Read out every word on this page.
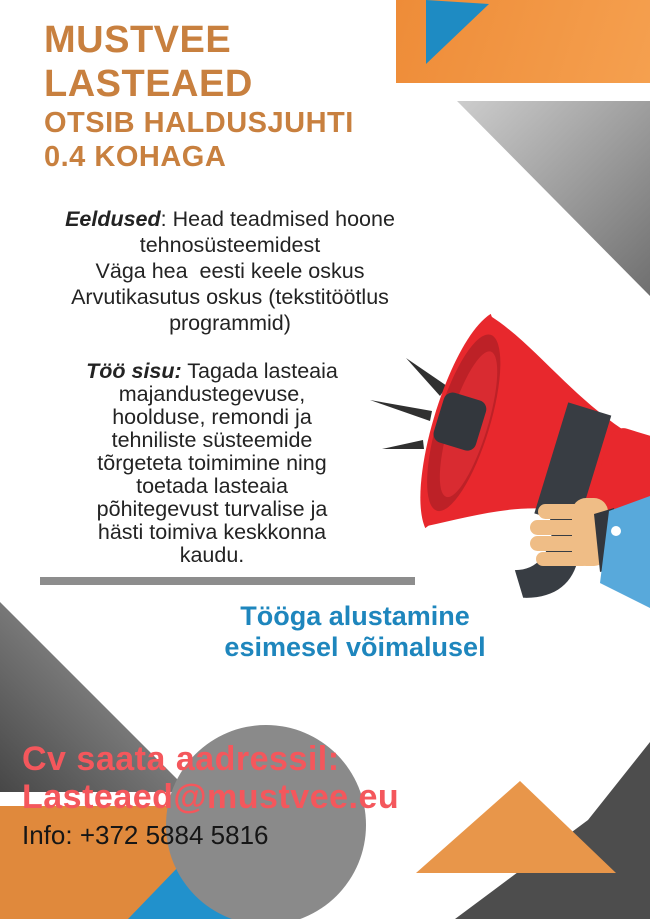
MUSTVEE
LASTEAED
OTSIB HALDUSJUHTI
0.4 KOHAGA
Eeldused: Head teadmised hoone
tehnosüsteemidest
Väga hea  eesti keele oskus
Arvutikasutus oskus (tekstitöötlus
programmid)
Töö sisu: Tagada lasteaia
majandustegevuse,
hoolduse, remondi ja
tehniliste süsteemide
tõrgeteta toimimine ning
toetada lasteaia
põhitegevust turvalise ja
hästi toimiva keskkonna
kaudu.
Tööga alustamine
esimesel võimalusel
Cv saata aadressil:
Lasteaed@mustvee.eu
Info: +372 5884 5816
